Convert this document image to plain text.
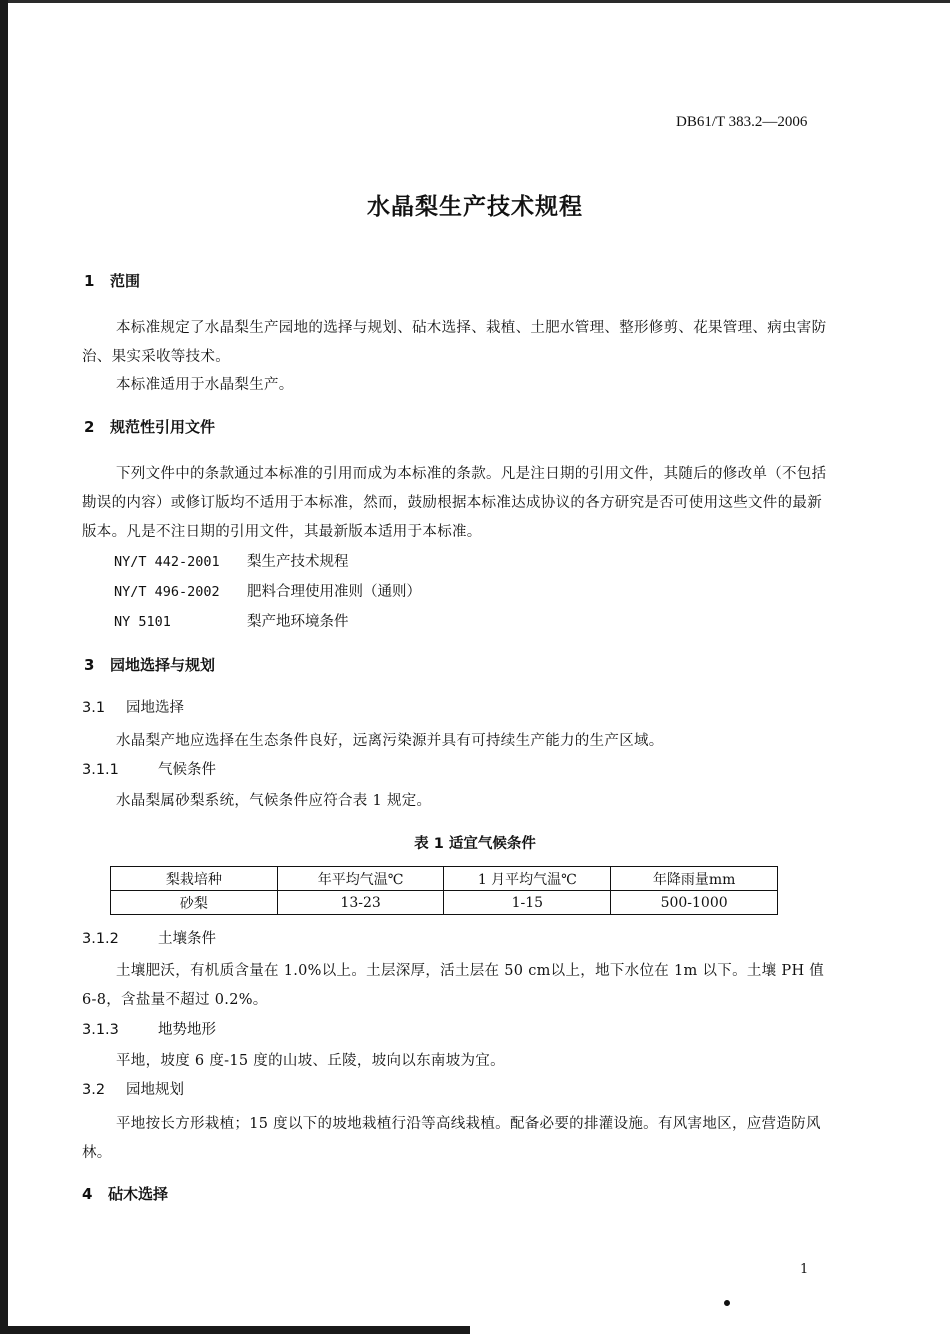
DB61/T 383.2—2006
水晶梨生产技术规程
1 范围
本标准规定了水晶梨生产园地的选择与规划、砧木选择、栽植、土肥水管理、整形修剪、花果管理、病虫害防治、果实采收等技术。
本标准适用于水晶梨生产。
2 规范性引用文件
下列文件中的条款通过本标准的引用而成为本标准的条款。凡是注日期的引用文件，其随后的修改单（不包括勘误的内容）或修订版均不适用于本标准，然而，鼓励根据本标准达成协议的各方研究是否可使用这些文件的最新版本。凡是不注日期的引用文件，其最新版本适用于本标准。
NY/T 442-2001 梨生产技术规程
NY/T 496-2002 肥料合理使用准则（通则）
NY 5101	梨产地环境条件
3 园地选择与规划
3.1 园地选择
水晶梨产地应选择在生态条件良好，远离污染源并具有可持续生产能力的生产区域。
3.1.1	气候条件
水晶梨属砂梨系统，气候条件应符合表 1 规定。
表 1 适宜气候条件
梨栽培种	年平均气温℃	1 月平均气温℃	年降雨量mm
砂梨	13-23	1-15	500-1000
3.1.2	土壤条件
土壤肥沃，有机质含量在 1.0%以上。土层深厚，活土层在 50 cm以上，地下水位在 1m 以下。土壤 PH 值 6-8，含盐量不超过 0.2%。
3.1.3	地势地形
平地，坡度 6 度-15 度的山坡、丘陵，坡向以东南坡为宜。
3.2 园地规划
平地按长方形栽植；15 度以下的坡地栽植行沿等高线栽植。配备必要的排灌设施。有风害地区，应营造防风林。
4 砧木选择
1
